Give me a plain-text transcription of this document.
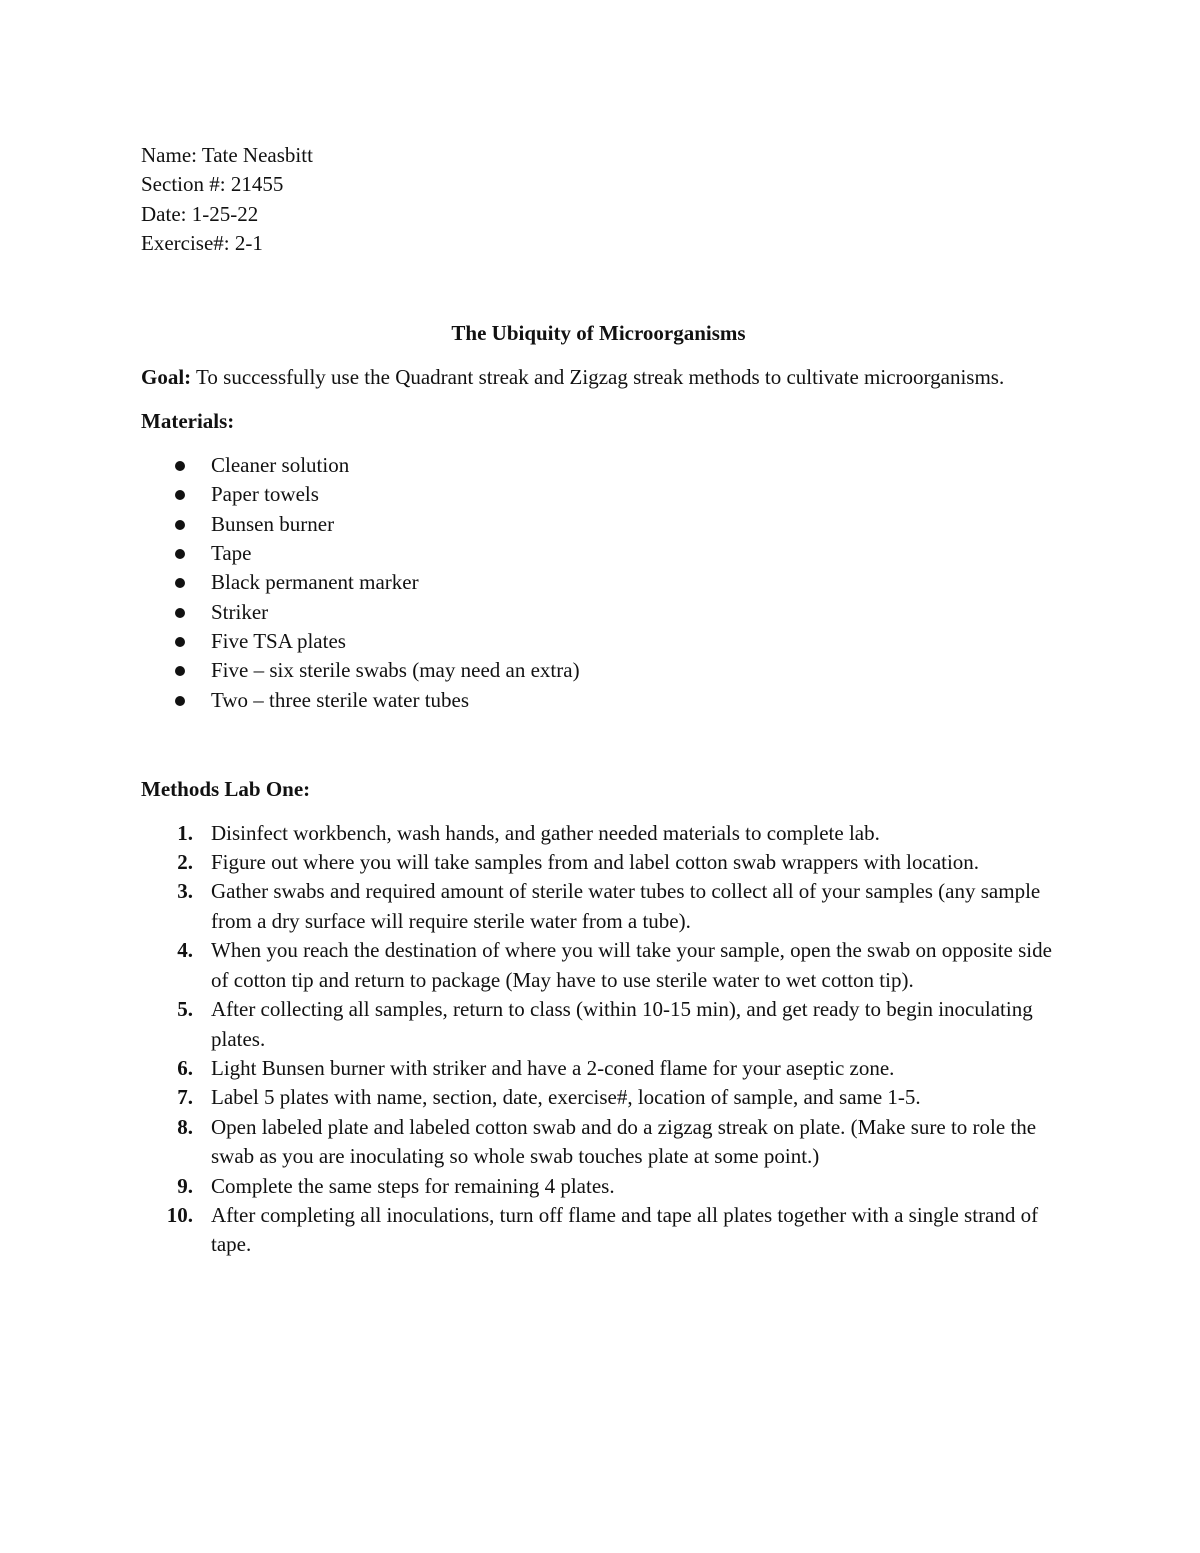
Name: Tate Neasbitt
Section #: 21455
Date: 1-25-22
Exercise#: 2-1
The Ubiquity of Microorganisms
Goal: To successfully use the Quadrant streak and Zigzag streak methods to cultivate microorganisms.
Materials:
Cleaner solution
Paper towels
Bunsen burner
Tape
Black permanent marker
Striker
Five TSA plates
Five – six sterile swabs (may need an extra)
Two – three sterile water tubes
Methods Lab One:
1. Disinfect workbench, wash hands, and gather needed materials to complete lab.
2. Figure out where you will take samples from and label cotton swab wrappers with location.
3. Gather swabs and required amount of sterile water tubes to collect all of your samples (any sample from a dry surface will require sterile water from a tube).
4. When you reach the destination of where you will take your sample, open the swab on opposite side of cotton tip and return to package (May have to use sterile water to wet cotton tip).
5. After collecting all samples, return to class (within 10-15 min), and get ready to begin inoculating plates.
6. Light Bunsen burner with striker and have a 2-coned flame for your aseptic zone.
7. Label 5 plates with name, section, date, exercise#, location of sample, and same 1-5.
8. Open labeled plate and labeled cotton swab and do a zigzag streak on plate. (Make sure to role the swab as you are inoculating so whole swab touches plate at some point.)
9. Complete the same steps for remaining 4 plates.
10. After completing all inoculations, turn off flame and tape all plates together with a single strand of tape.
